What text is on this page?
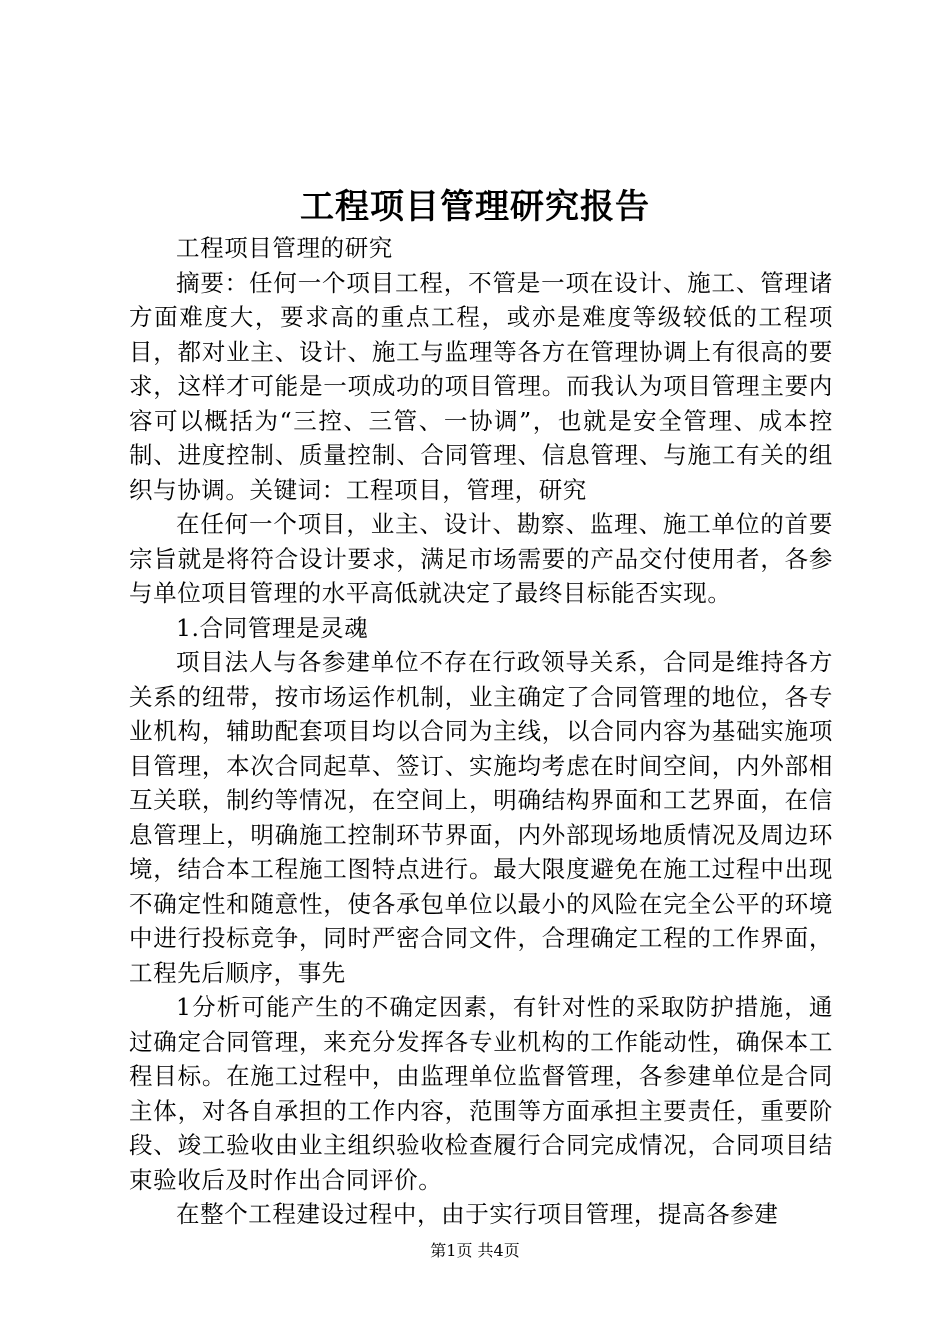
工程项目管理研究报告

工程项目管理的研究

摘要：任何一个项目工程，不管是一项在设计、施工、管理诸方面难度大，要求高的重点工程，或亦是难度等级较低的工程项目，都对业主、设计、施工与监理等各方在管理协调上有很高的要求，这样才可能是一项成功的项目管理。而我认为项目管理主要内容可以概括为“三控、三管、一协调”，也就是安全管理、成本控制、进度控制、质量控制、合同管理、信息管理、与施工有关的组织与协调。关键词：工程项目，管理，研究

在任何一个项目，业主、设计、勘察、监理、施工单位的首要宗旨就是将符合设计要求，满足市场需要的产品交付使用者，各参与单位项目管理的水平高低就决定了最终目标能否实现。

1.合同管理是灵魂

项目法人与各参建单位不存在行政领导关系，合同是维持各方关系的纽带，按市场运作机制，业主确定了合同管理的地位，各专业机构，辅助配套项目均以合同为主线，以合同内容为基础实施项目管理，本次合同起草、签订、实施均考虑在时间空间，内外部相互关联，制约等情况，在空间上，明确结构界面和工艺界面，在信息管理上，明确施工控制环节界面，内外部现场地质情况及周边环境，结合本工程施工图特点进行。最大限度避免在施工过程中出现不确定性和随意性，使各承包单位以最小的风险在完全公平的环境中进行投标竞争，同时严密合同文件，合理确定工程的工作界面，工程先后顺序，事先

1分析可能产生的不确定因素，有针对性的采取防护措施，通过确定合同管理，来充分发挥各专业机构的工作能动性，确保本工程目标。在施工过程中，由监理单位监督管理，各参建单位是合同主体，对各自承担的工作内容，范围等方面承担主要责任，重要阶段、竣工验收由业主组织验收检查履行合同完成情况，合同项目结束验收后及时作出合同评价。

在整个工程建设过程中，由于实行项目管理，提高各参建

第1页 共4页
